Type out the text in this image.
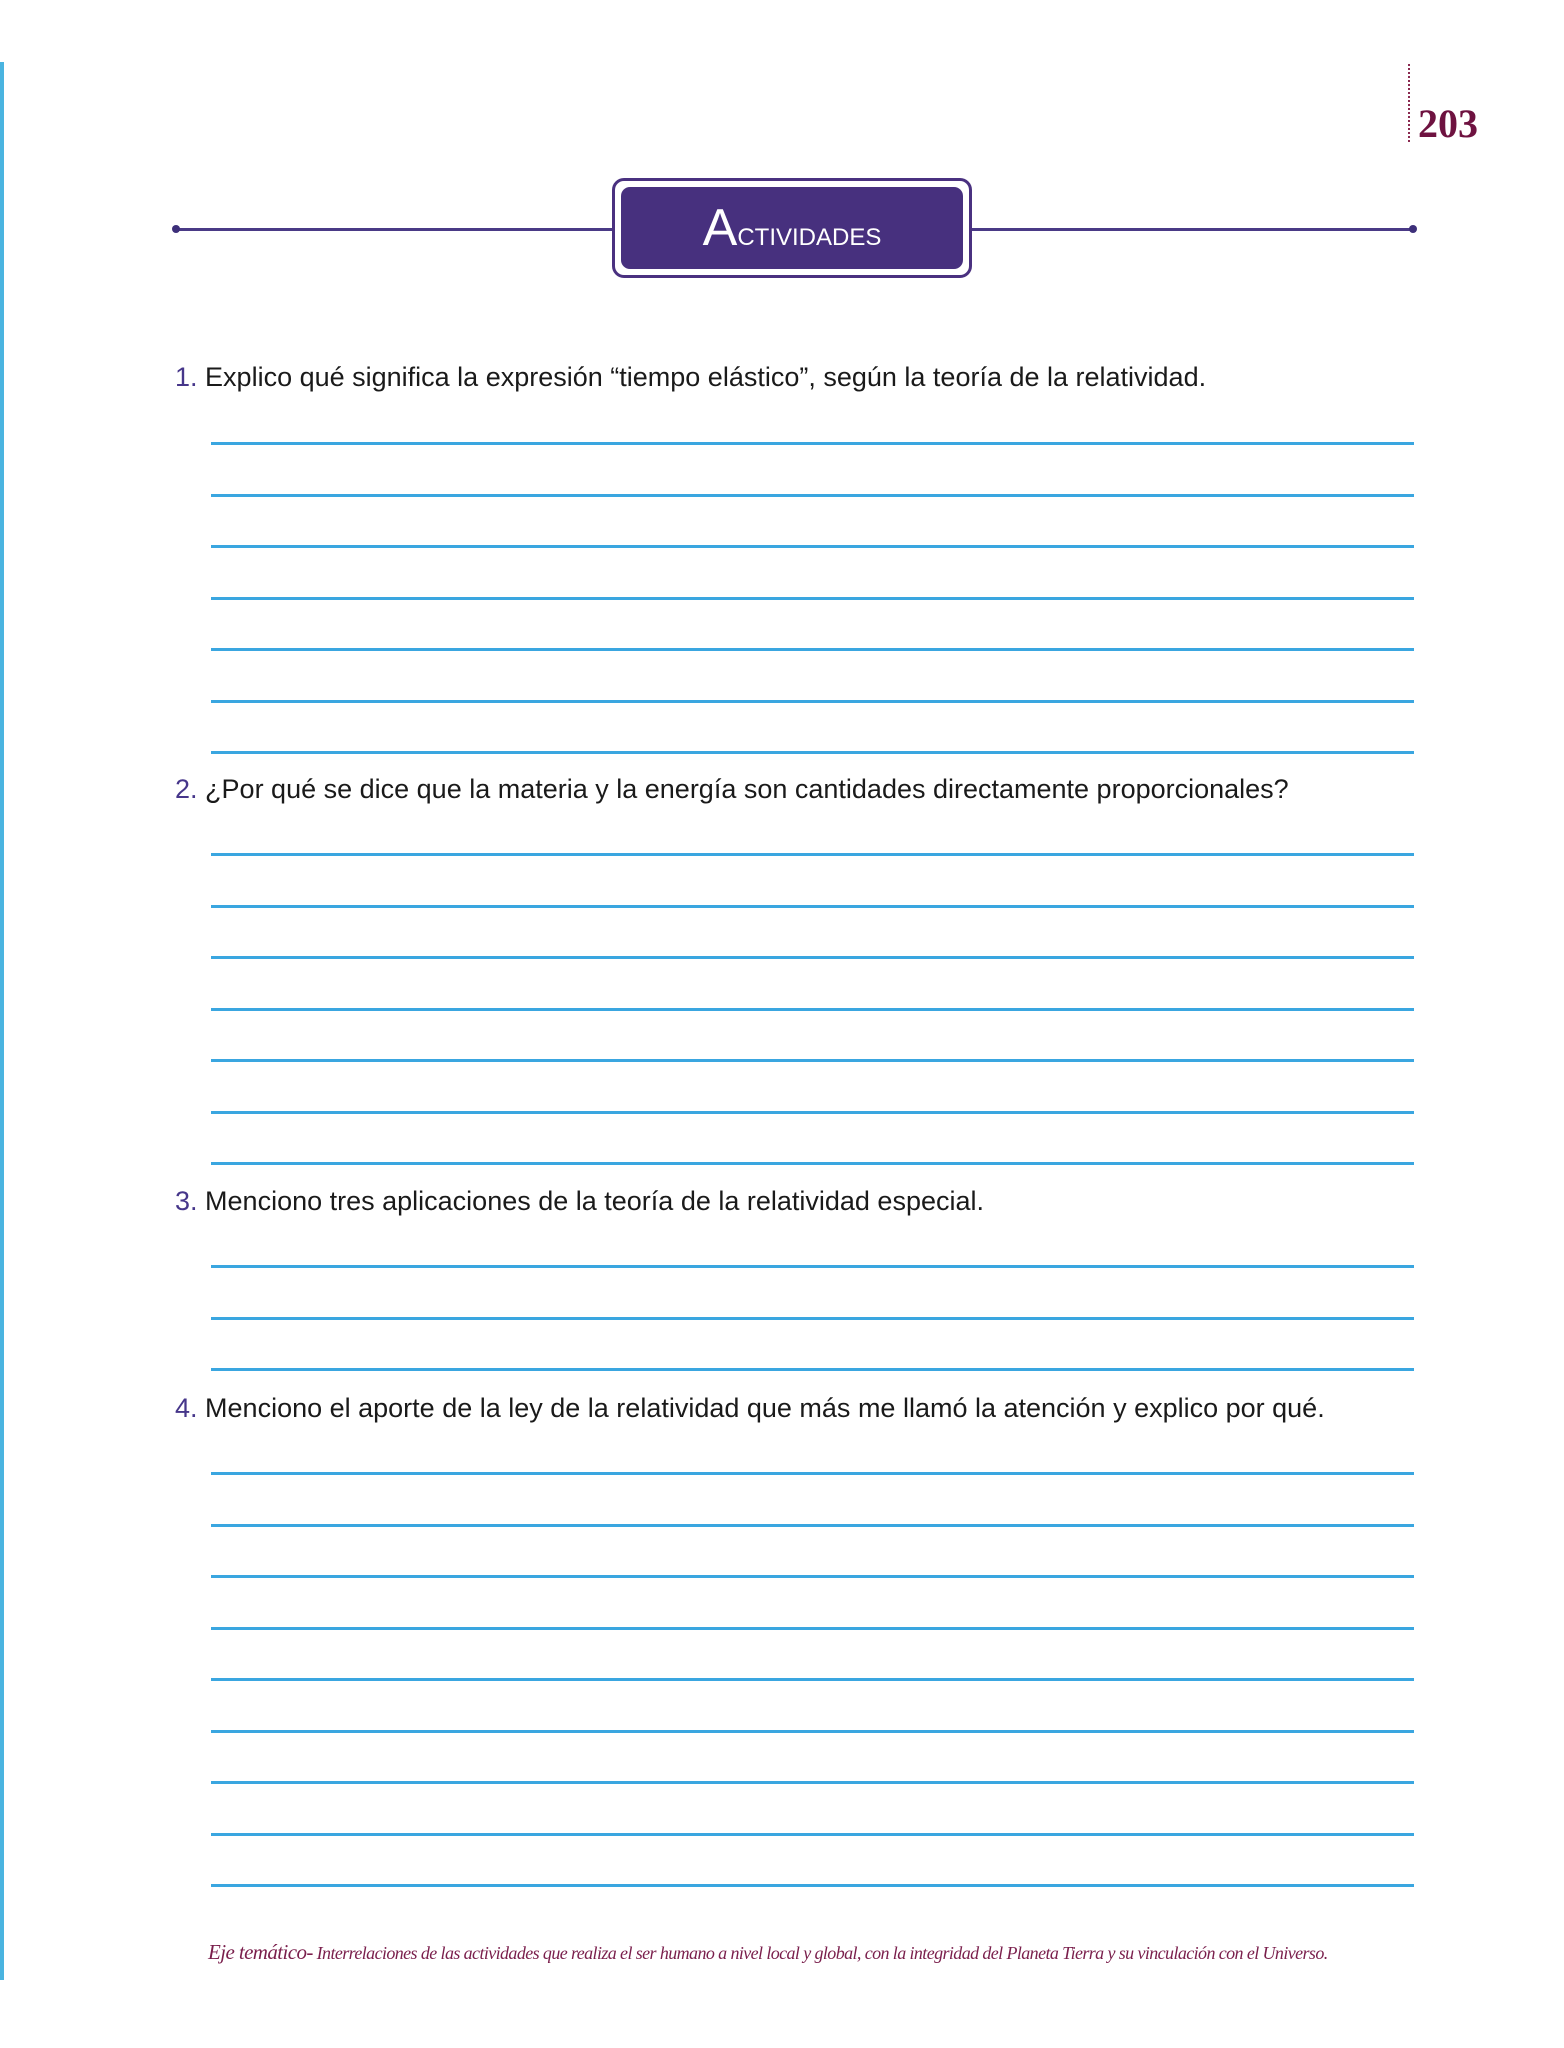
203
Actividades
1. Explico qué significa la expresión “tiempo elástico”, según la teoría de la relatividad.
2. ¿Por qué se dice que la materia y la energía son cantidades directamente proporcionales?
3. Menciono tres aplicaciones de la teoría de la relatividad especial.
4. Menciono el aporte de la ley de la relatividad que más me llamó la atención y explico por qué.
Eje temático- Interrelaciones de las actividades que realiza el ser humano a nivel local y global, con la integridad del Planeta Tierra y su vinculación con el Universo.
